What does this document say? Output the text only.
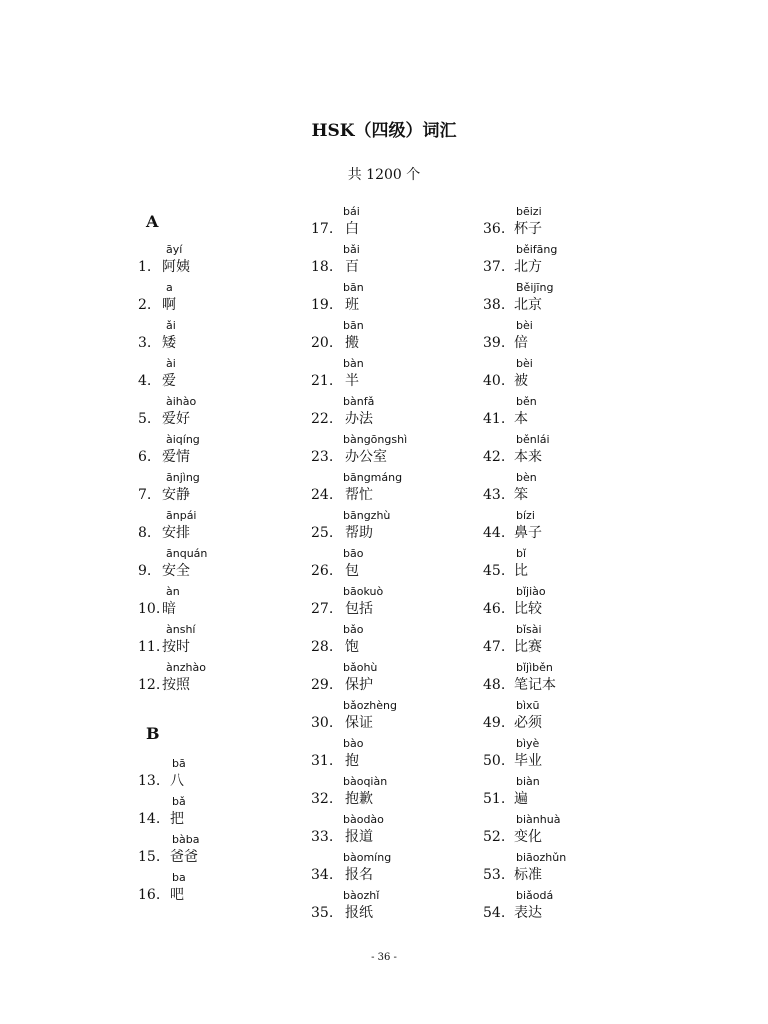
HSK（四级）词汇
共 1200 个
A
B
āyí
1. 阿姨
a
2. 啊
ǎi
3. 矮
ài
4. 爱
àihào
5. 爱好
àiqíng
6. 爱情
ānjìng
7. 安静
ānpái
8. 安排
ānquán
9. 安全
àn
10. 暗
ànshí
11. 按时
ànzhào
12. 按照
bā
13. 八
bǎ
14. 把
bàba
15. 爸爸
ba
16. 吧
bái
17. 白
bǎi
18. 百
bān
19. 班
bān
20. 搬
bàn
21. 半
bànfǎ
22. 办法
bàngōngshì
23. 办公室
bāngmáng
24. 帮忙
bāngzhù
25. 帮助
bāo
26. 包
bāokuò
27. 包括
bǎo
28. 饱
bǎohù
29. 保护
bǎozhèng
30. 保证
bào
31. 抱
bàoqiàn
32. 抱歉
bàodào
33. 报道
bàomíng
34. 报名
bàozhǐ
35. 报纸
bēizi
36. 杯子
běifāng
37. 北方
Běijīng
38. 北京
bèi
39. 倍
bèi
40. 被
běn
41. 本
běnlái
42. 本来
bèn
43. 笨
bízi
44. 鼻子
bǐ
45. 比
bǐjiào
46. 比较
bǐsài
47. 比赛
bǐjìběn
48. 笔记本
bìxū
49. 必须
bìyè
50. 毕业
biàn
51. 遍
biànhuà
52. 变化
biāozhǔn
53. 标准
biǎodá
54. 表达
- 36 -
